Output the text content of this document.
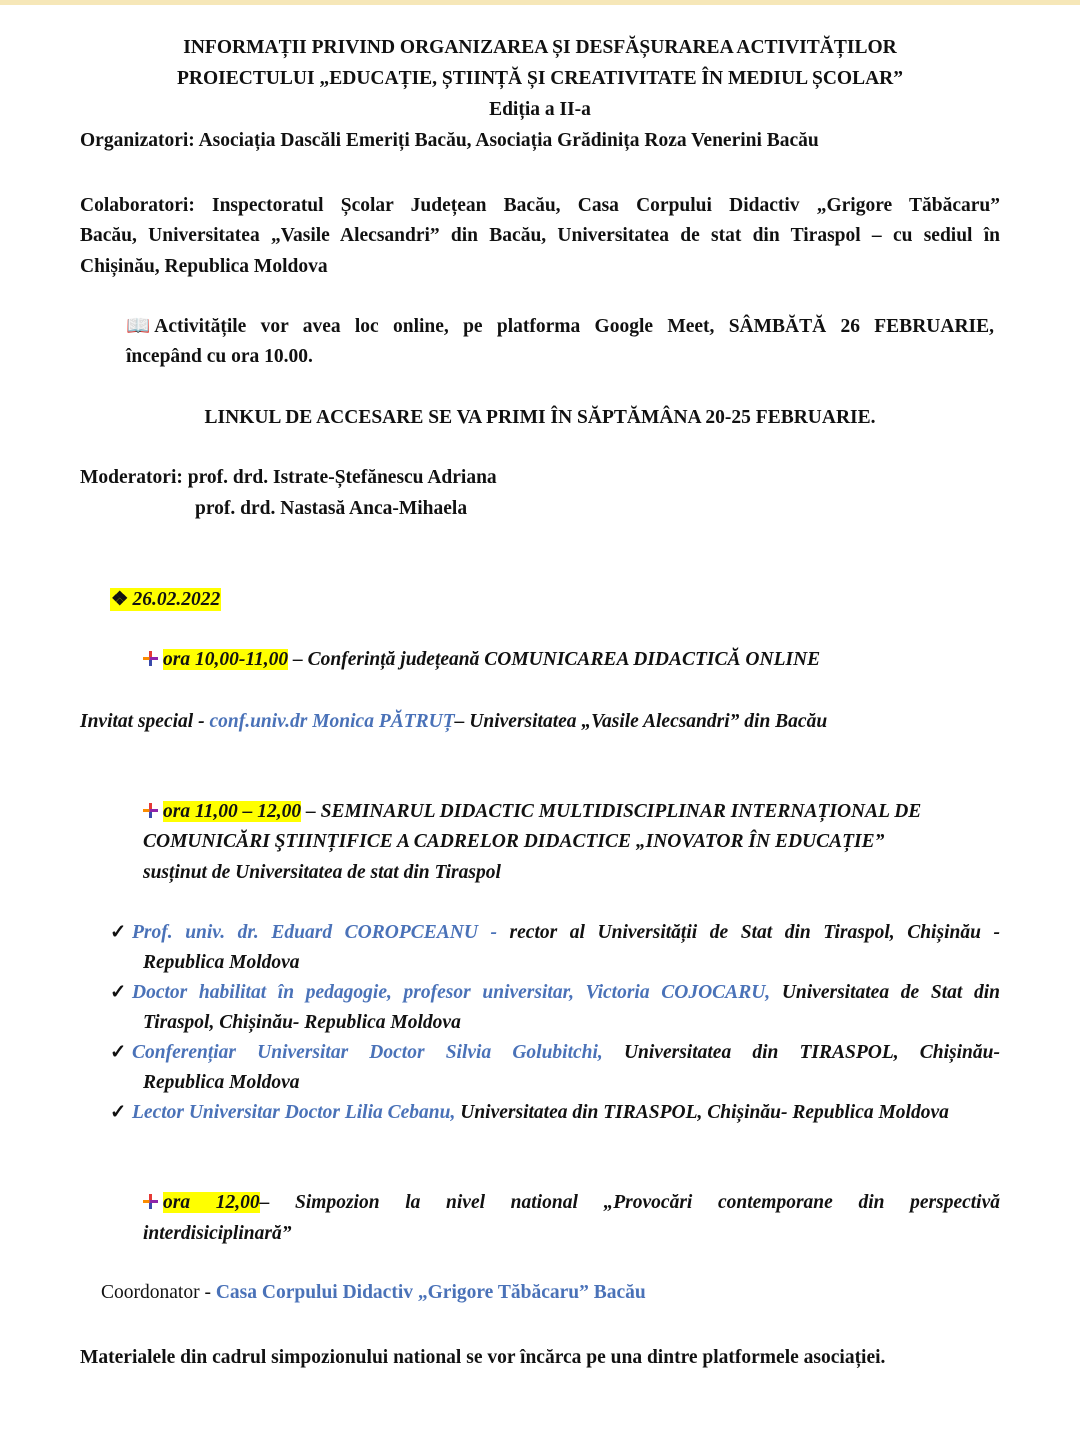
INFORMAȚII PRIVIND ORGANIZAREA ȘI DESFĂȘURAREA ACTIVITĂȚILOR
PROIECTULUI „EDUCAȚIE, ȘTIINȚĂ ȘI CREATIVITATE ÎN MEDIUL ȘCOLAR”
Ediția a II-a
Organizatori: Asociația Dascăli Emeriți Bacău, Asociația Grădinița Roza Venerini Bacău
Colaboratori: Inspectoratul Școlar Județean Bacău, Casa Corpului Didactiv „Grigore Tăbăcaru”
Bacău, Universitatea „Vasile Alecsandri” din Bacău, Universitatea de stat din Tiraspol – cu sediul în
Chișinău, Republica Moldova
📖 Activitățile vor avea loc online, pe platforma Google Meet, SÂMBĂTĂ 26 FEBRUARIE,
începând cu ora 10.00.
LINKUL DE ACCESARE SE VA PRIMI ÎN SĂPTĂMÂNA 20-25 FEBRUARIE.
Moderatori: prof. drd. Istrate-Ștefănescu Adriana
prof. drd. Nastasă Anca-Mihaela
❖ 26.02.2022
ora 10,00-11,00 – Conferință județeană COMUNICAREA DIDACTICĂ ONLINE
Invitat special - conf.univ.dr Monica PĂTRUȚ– Universitatea „Vasile Alecsandri” din Bacău
ora 11,00 – 12,00 – SEMINARUL DIDACTIC MULTIDISCIPLINAR INTERNAȚIONAL DE
COMUNICĂRI ŞTIINȚIFICE A CADRELOR DIDACTICE „INOVATOR ÎN EDUCAȚIE”
susținut de Universitatea de stat din Tiraspol
✓ Prof. univ. dr. Eduard COROPCEANU - rector al Universității de Stat din Tiraspol, Chișinău -
Republica Moldova
✓ Doctor habilitat în pedagogie, profesor universitar, Victoria COJOCARU, Universitatea de Stat din
Tiraspol, Chișinău- Republica Moldova
✓ Conferențiar Universitar Doctor Silvia Golubitchi, Universitatea din TIRASPOL, Chișinău-
Republica Moldova
✓ Lector Universitar Doctor Lilia Cebanu, Universitatea din TIRASPOL, Chișinău- Republica Moldova
ora 12,00– Simpozion la nivel national „Provocări contemporane din perspectivă
interdisiciplinară”
Coordonator - Casa Corpului Didactiv „Grigore Tăbăcaru” Bacău
Materialele din cadrul simpozionului national se vor încărca pe una dintre platformele asociației.
